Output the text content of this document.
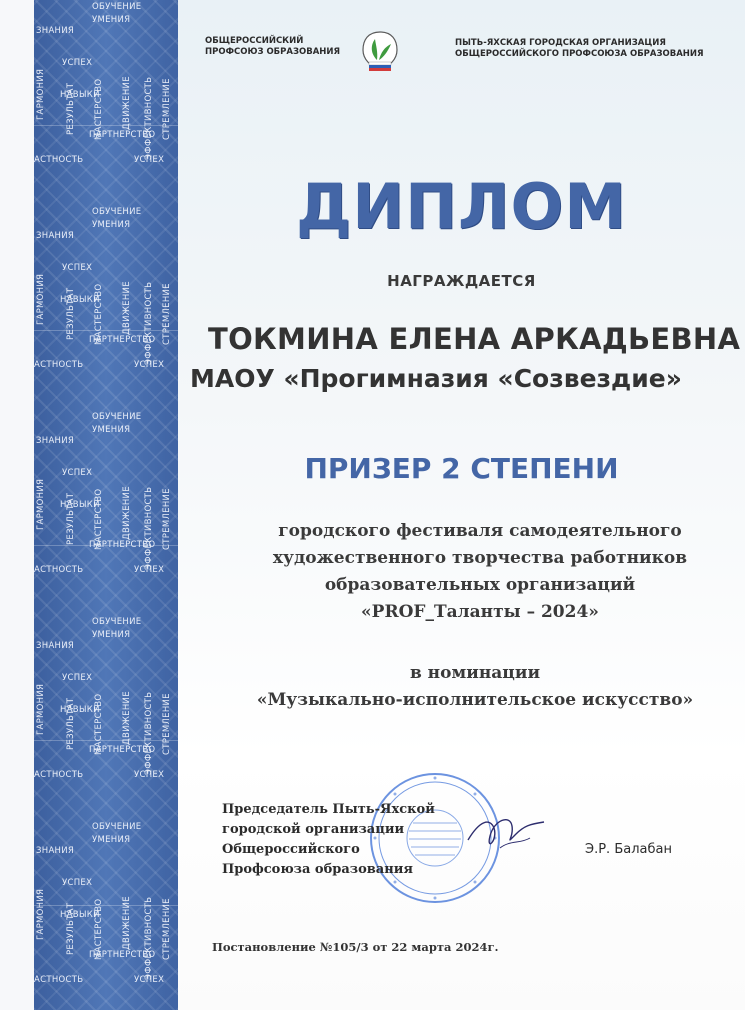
ОБУЧЕНИЕ
УМЕНИЯ
ЗНАНИЯ
УСПЕХ
НАВЫКИ
ПАРТНЕРСТВО
АСТНОСТЬ	УСПЕХ
ГАРМОНИЯ РЕЗУЛЬТАТ МАСТЕРСТВО ДВИЖЕНИЕ ЭФФЕКТИВНОСТЬ СТРЕМЛЕНИЕ
ОБУЧЕНИЕ
УМЕНИЯ
ЗНАНИЯ
УСПЕХ
НАВЫКИ
ПАРТНЕРСТВО
АСТНОСТЬ	УСПЕХ
ГАРМОНИЯ РЕЗУЛЬТАТ МАСТЕРСТВО ДВИЖЕНИЕ ЭФФЕКТИВНОСТЬ СТРЕМЛЕНИЕ
ОБУЧЕНИЕ
УМЕНИЯ
ЗНАНИЯ
УСПЕХ
НАВЫКИ
ПАРТНЕРСТВО
АСТНОСТЬ	УСПЕХ
ГАРМОНИЯ РЕЗУЛЬТАТ МАСТЕРСТВО ДВИЖЕНИЕ ЭФФЕКТИВНОСТЬ СТРЕМЛЕНИЕ
ОБУЧЕНИЕ
УМЕНИЯ
ЗНАНИЯ
УСПЕХ
НАВЫКИ
ПАРТНЕРСТВО
АСТНОСТЬ	УСПЕХ
ГАРМОНИЯ РЕЗУЛЬТАТ МАСТЕРСТВО ДВИЖЕНИЕ ЭФФЕКТИВНОСТЬ СТРЕМЛЕНИЕ
ОБУЧЕНИЕ
УМЕНИЯ
ЗНАНИЯ
УСПЕХ
НАВЫКИ
ПАРТНЕРСТВО
АСТНОСТЬ	УСПЕХ
ГАРМОНИЯ РЕЗУЛЬТАТ МАСТЕРСТВО ДВИЖЕНИЕ ЭФФЕКТИВНОСТЬ СТРЕМЛЕНИЕ
ОБЩЕРОССИЙСКИЙ
ПРОФСОЮЗ ОБРАЗОВАНИЯ
ПЫТЬ-ЯХСКАЯ ГОРОДСКАЯ ОРГАНИЗАЦИЯ
ОБЩЕРОССИЙСКОГО ПРОФСОЮЗА ОБРАЗОВАНИЯ
ДИПЛОМ
НАГРАЖДАЕТСЯ
ТОКМИНА ЕЛЕНА АРКАДЬЕВНА
МАОУ «Прогимназия «Созвездие»
ПРИЗЕР 2 СТЕПЕНИ
городского фестиваля самодеятельного
художественного творчества работников
образовательных организаций
«PROF_Таланты – 2024»
в номинации
«Музыкально-исполнительское искусство»
Председатель Пыть-Яхской
городской организации
Общероссийского
Профсоюза образования
Э.Р. Балабан
Постановление №105/3 от 22 марта 2024г.
